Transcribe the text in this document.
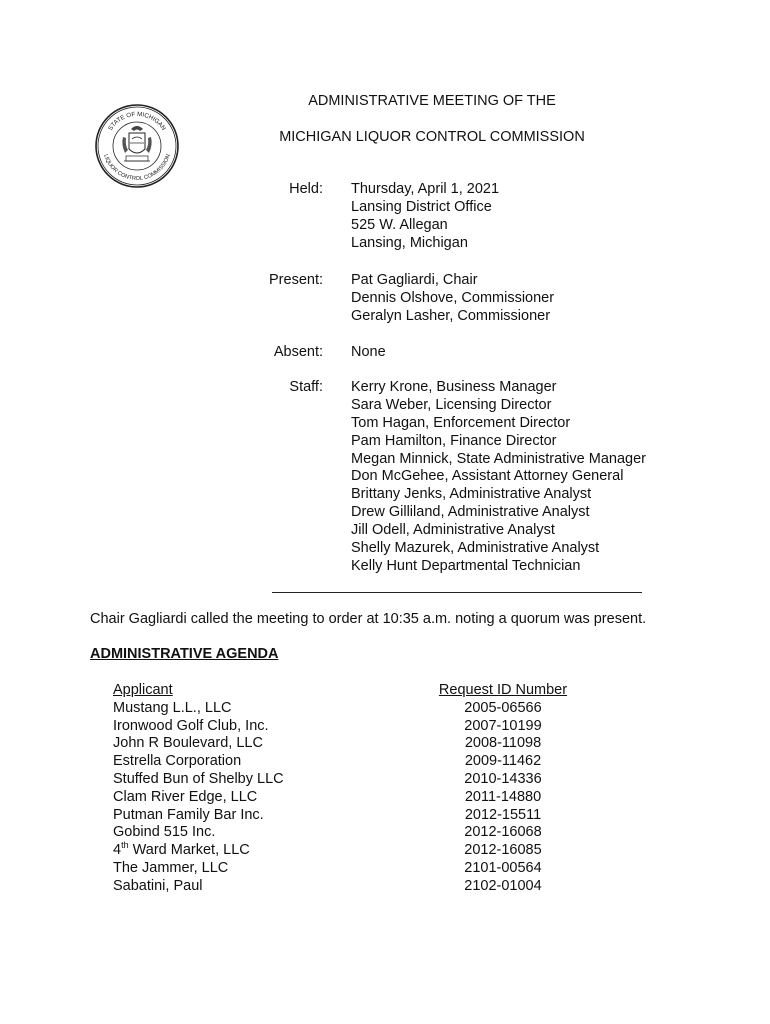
STATE OF MICHIGAN
LIQUOR CONTROL COMMISSION
ADMINISTRATIVE MEETING OF THE
MICHIGAN LIQUOR CONTROL COMMISSION
Held: Thursday, April 1, 2021
Lansing District Office
525 W. Allegan
Lansing, Michigan
Present: Pat Gagliardi, Chair
Dennis Olshove, Commissioner
Geralyn Lasher, Commissioner
Absent: None
Staff: Kerry Krone, Business Manager
Sara Weber, Licensing Director
Tom Hagan, Enforcement Director
Pam Hamilton, Finance Director
Megan Minnick, State Administrative Manager
Don McGehee, Assistant Attorney General
Brittany Jenks, Administrative Analyst
Drew Gilliland, Administrative Analyst
Jill Odell, Administrative Analyst
Shelly Mazurek, Administrative Analyst
Kelly Hunt Departmental Technician
Chair Gagliardi called the meeting to order at 10:35 a.m. noting a quorum was present.
ADMINISTRATIVE AGENDA
Applicant	Request ID Number
Mustang L.L., LLC	2005-06566
Ironwood Golf Club, Inc.	2007-10199
John R Boulevard, LLC	2008-11098
Estrella Corporation	2009-11462
Stuffed Bun of Shelby LLC	2010-14336
Clam River Edge, LLC	2011-14880
Putman Family Bar Inc.	2012-15511
Gobind 515 Inc.	2012-16068
4th Ward Market, LLC	2012-16085
The Jammer, LLC	2101-00564
Sabatini, Paul	2102-01004
